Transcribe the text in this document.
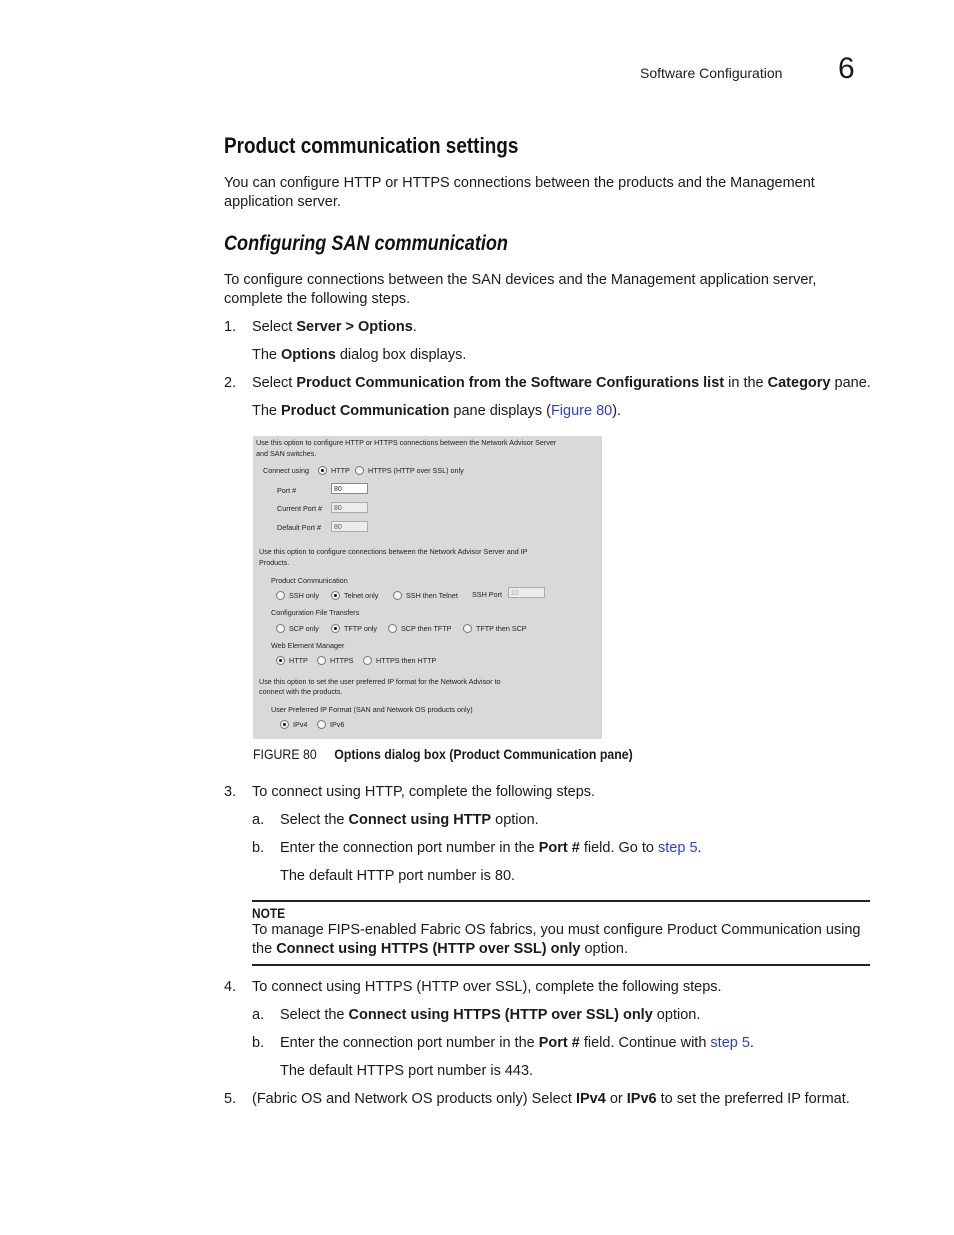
Software Configuration 6
Product communication settings
You can configure HTTP or HTTPS connections between the products and the Management application server.
Configuring SAN communication
To configure connections between the SAN devices and the Management application server, complete the following steps.
1. Select Server > Options.
The Options dialog box displays.
2. Select Product Communication from the Software Configurations list in the Category pane.
The Product Communication pane displays (Figure 80).
Use this option to configure HTTP or HTTPS connections between the Network Advisor Server
and SAN switches.
Connect using	HTTP	HTTPS (HTTP over SSL) only
Port #	80
Current Port #	80
Default Port #	80
Use this option to configure connections between the Network Advisor Server and IP
Products.
Product Communication
SSH only	Telnet only	SSH then Telnet SSH Port	22
Configuration File Transfers
SCP only	TFTP only	SCP then TFTP	TFTP then SCP
Web Element Manager
HTTP	HTTPS	HTTPS then HTTP
Use this option to set the user preferred IP format for the Network Advisor to
connect with the products.
User Preferred IP Format (SAN and Network OS products only)
IPv4	IPv6
FIGURE 80 Options dialog box (Product Communication pane)
3. To connect using HTTP, complete the following steps.
a. Select the Connect using HTTP option.
b. Enter the connection port number in the Port # field. Go to step 5.
The default HTTP port number is 80.
NOTE
To manage FIPS-enabled Fabric OS fabrics, you must configure Product Communication using
the Connect using HTTPS (HTTP over SSL) only option.
4. To connect using HTTPS (HTTP over SSL), complete the following steps.
a. Select the Connect using HTTPS (HTTP over SSL) only option.
b. Enter the connection port number in the Port # field. Continue with step 5.
The default HTTPS port number is 443.
5. (Fabric OS and Network OS products only) Select IPv4 or IPv6 to set the preferred IP format.
